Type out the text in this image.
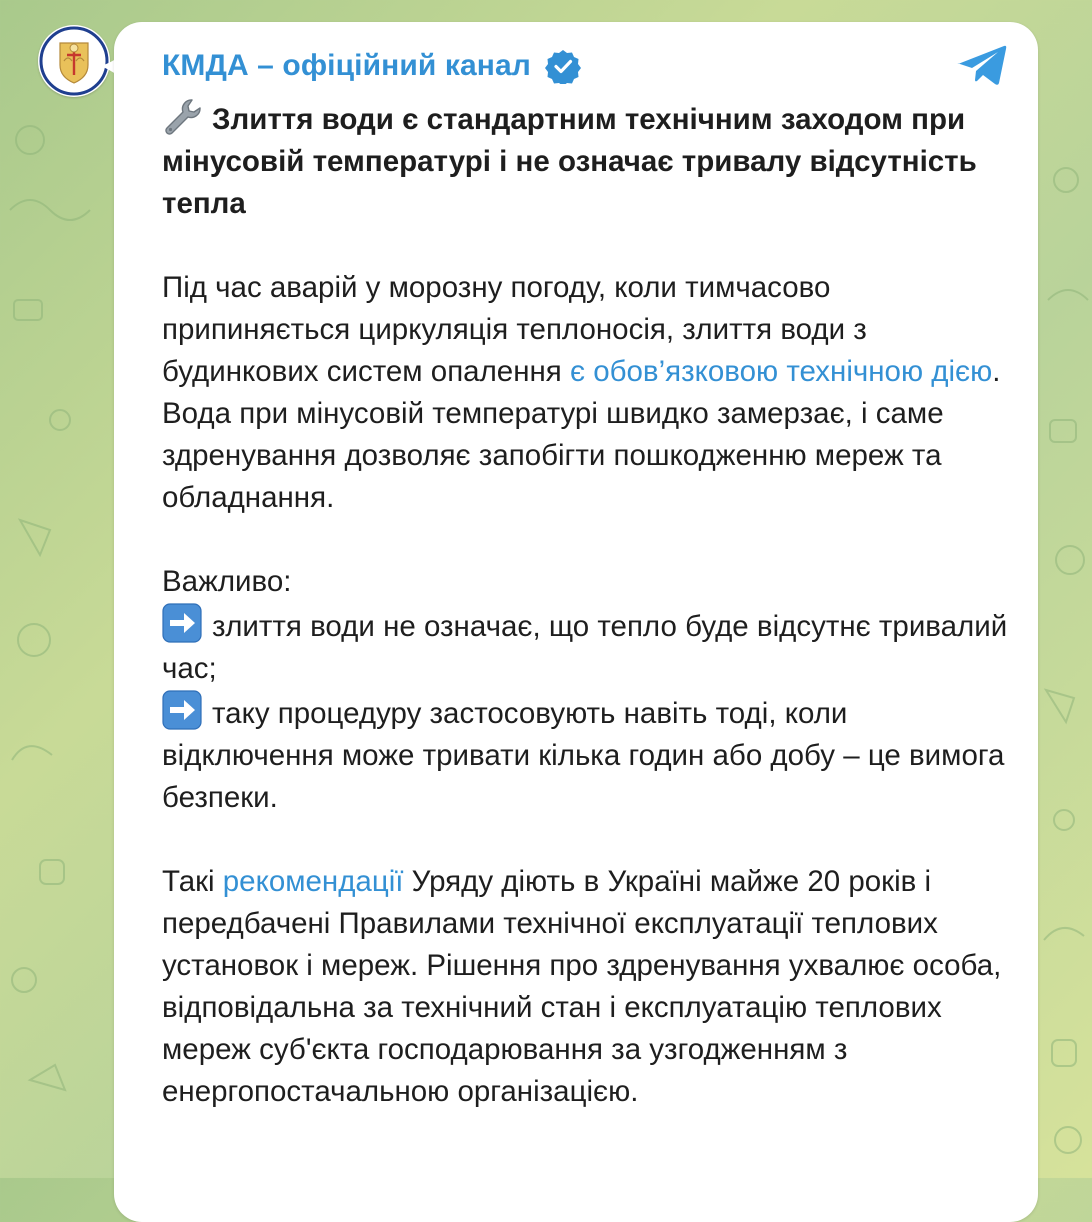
КМДА – офіційний канал

Злиття води є стандартним технічним заходом при мінусовій температурі і не означає тривалу відсутність тепла

Під час аварій у морозну погоду, коли тимчасово припиняється циркуляція теплоносія, злиття води з будинкових систем опалення є обов’язковою технічною дією. Вода при мінусовій температурі швидко замерзає, і саме здренування дозволяє запобігти пошкодженню мереж та обладнання.

Важливо:

злиття води не означає, що тепло буде відсутнє тривалий час;

таку процедуру застосовують навіть тоді, коли відключення може тривати кілька годин або добу – це вимога безпеки.

Такі рекомендації Уряду діють в Україні майже 20 років і передбачені Правилами технічної експлуатації теплових установок і мереж. Рішення про здренування ухвалює особа, відповідальна за технічний стан і експлуатацію теплових мереж суб'єкта господарювання за узгодженням з енергопостачальною організацією.
